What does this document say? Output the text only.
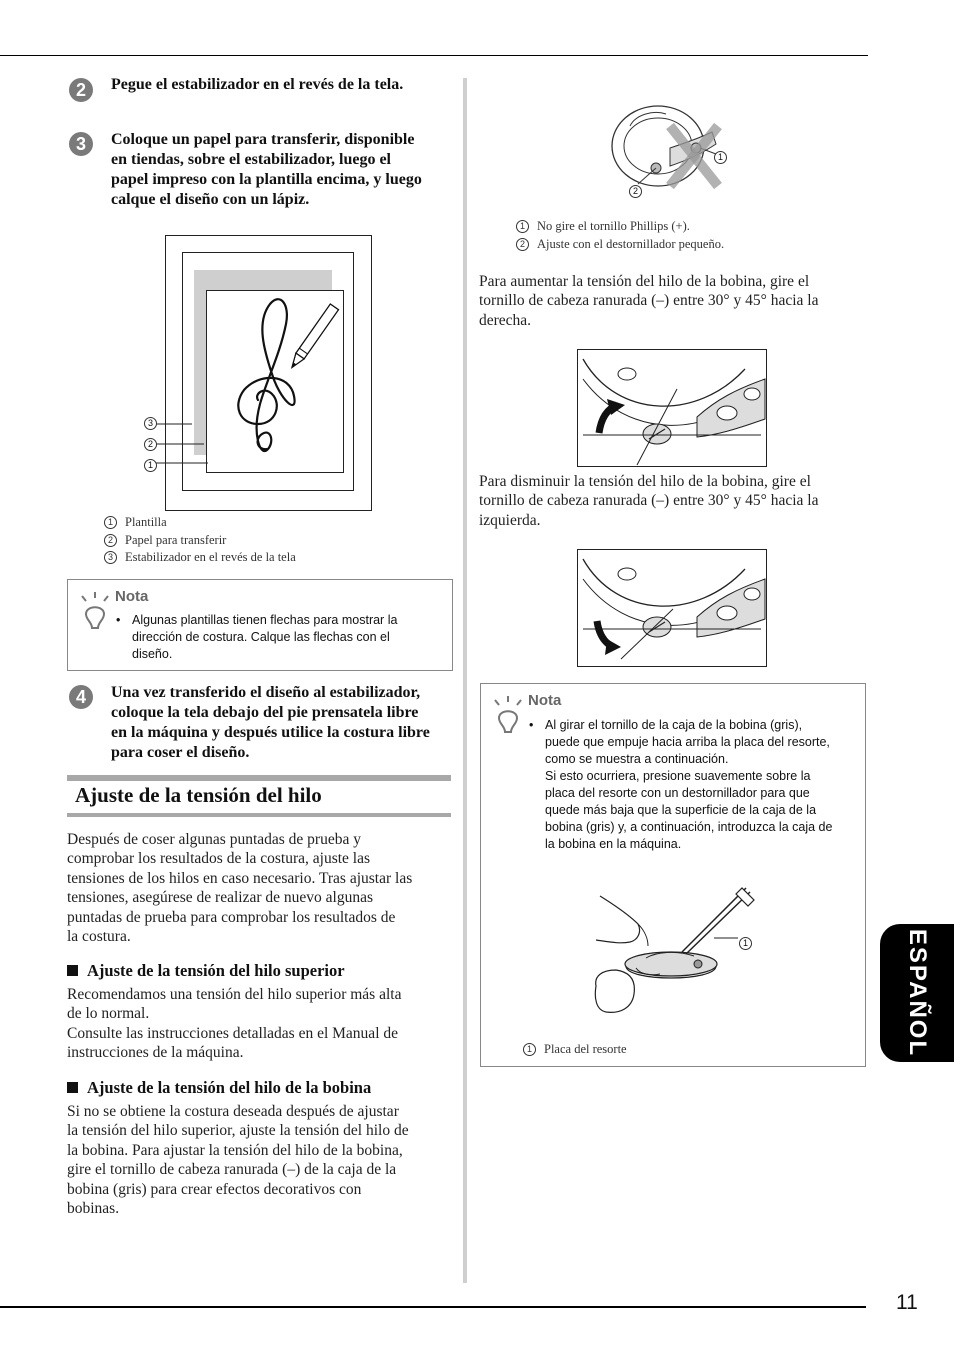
2	Pegue el estabilizador en el revés de la tela.
3	Coloque un papel para transferir, disponible
en tiendas, sobre el estabilizador, luego el
papel impreso con la plantilla encima, y luego
calque el diseño con un lápiz.
3
2
1
1 Plantilla
2 Papel para transferir
3 Estabilizador en el revés de la tela
Nota
• Algunas plantillas tienen flechas para mostrar la
dirección de costura. Calque las flechas con el
diseño.
4	Una vez transferido el diseño al estabilizador,
coloque la tela debajo del pie prensatela libre
en la máquina y después utilice la costura libre
para coser el diseño.
Ajuste de la tensión del hilo
Después de coser algunas puntadas de prueba y
comprobar los resultados de la costura, ajuste las
tensiones de los hilos en caso necesario. Tras ajustar las
tensiones, asegúrese de realizar de nuevo algunas
puntadas de prueba para comprobar los resultados de
la costura.
Ajuste de la tensión del hilo superior
Recomendamos una tensión del hilo superior más alta
de lo normal.
Consulte las instrucciones detalladas en el Manual de
instrucciones de la máquina.
Ajuste de la tensión del hilo de la bobina
Si no se obtiene la costura deseada después de ajustar
la tensión del hilo superior, ajuste la tensión del hilo de
la bobina. Para ajustar la tensión del hilo de la bobina,
gire el tornillo de cabeza ranurada (–) de la caja de la
bobina (gris) para crear efectos decorativos con
bobinas.
1
2
1 No gire el tornillo Phillips (+).
2 Ajuste con el destornillador pequeño.
Para aumentar la tensión del hilo de la bobina, gire el
tornillo de cabeza ranurada (–) entre 30° y 45° hacia la
derecha.
Para disminuir la tensión del hilo de la bobina, gire el
tornillo de cabeza ranurada (–) entre 30° y 45° hacia la
izquierda.
Nota
• Al girar el tornillo de la caja de la bobina (gris),
puede que empuje hacia arriba la placa del resorte,
como se muestra a continuación.
Si esto ocurriera, presione suavemente sobre la
placa del resorte con un destornillador para que
quede más baja que la superficie de la caja de la
bobina (gris) y, a continuación, introduzca la caja de
la bobina en la máquina.
1
1 Placa del resorte	ESPAÑOL
11
